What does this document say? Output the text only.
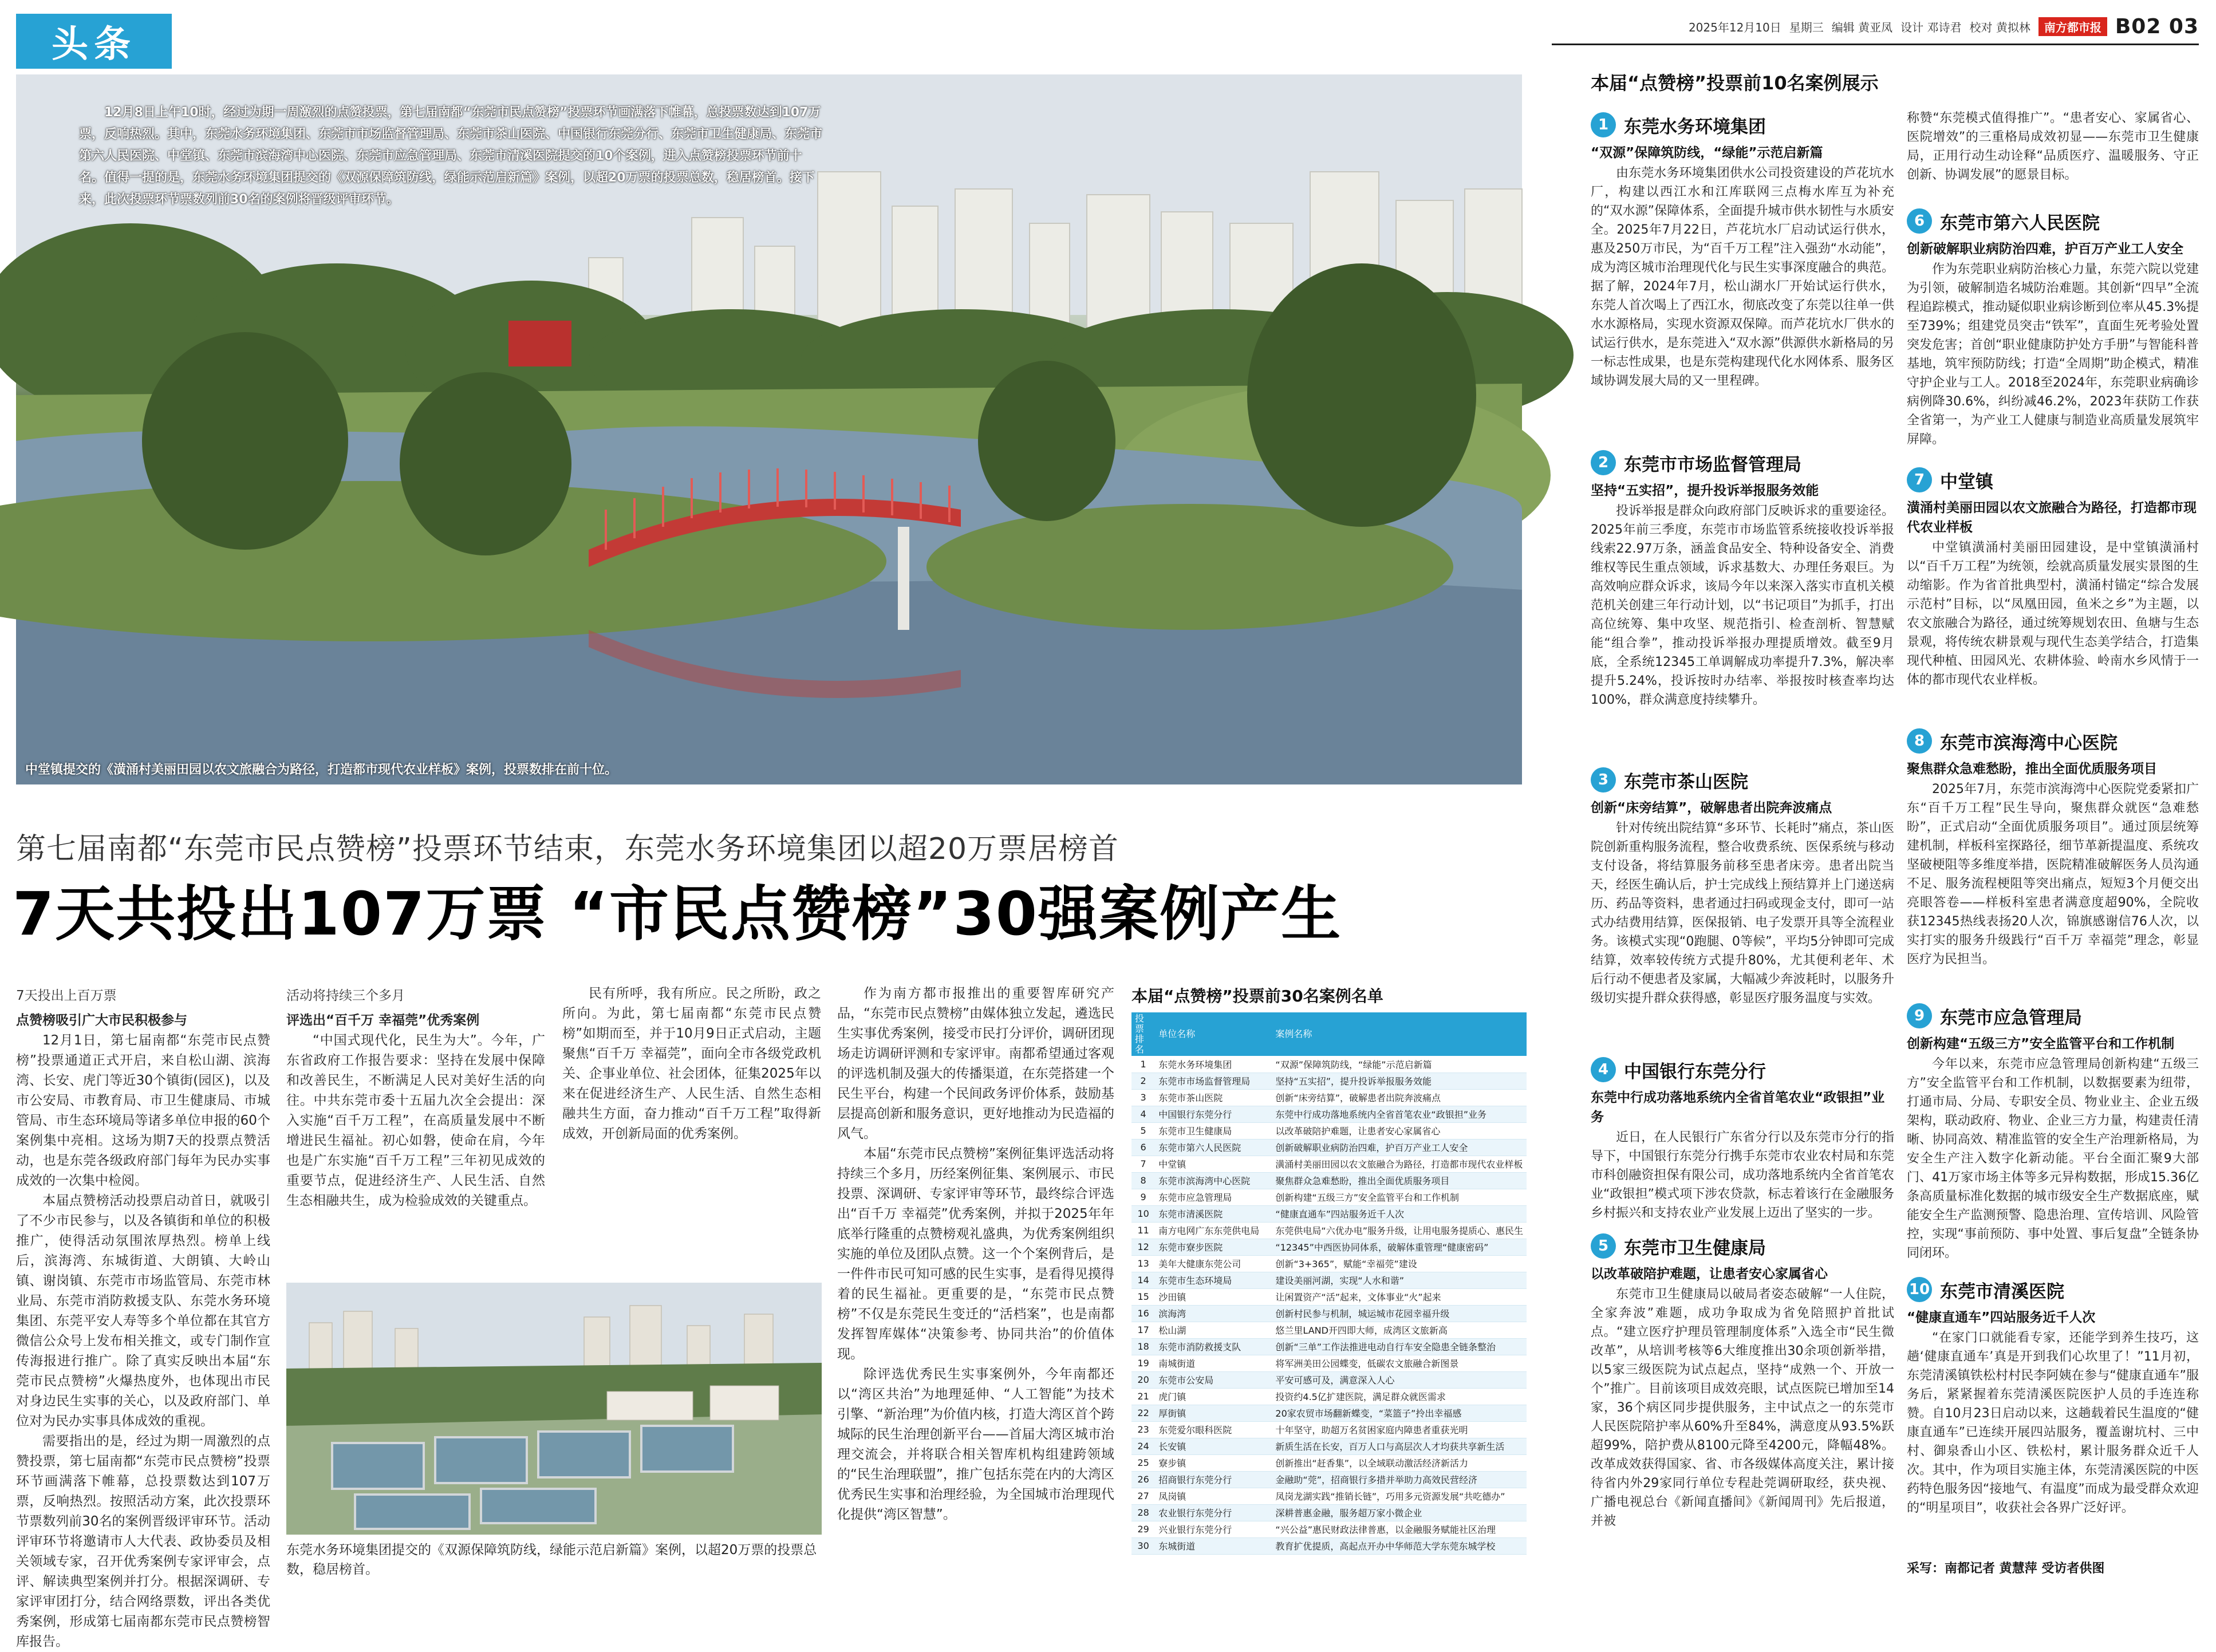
头条	2025年12月10日 星期三 编辑 黄亚凤 设计 邓诗君 校对 黄拟林	南方都市报 B02 03
12月8日上午10时，经过为期一周激烈的点赞投票，第七届南都“东莞市民点赞榜”投票环节画满落下帷幕，总投票数达到107万票，反响热烈。其中，东莞水务环境集团、东莞市市场监督管理局、东莞市茶山医院、中国银行东莞分行、东莞市卫生健康局、东莞市第六人民医院、中堂镇、东莞市滨海湾中心医院、东莞市应急管理局、东莞市清溪医院提交的10个案例，进入点赞榜投票环节前十名。值得一提的是，东莞水务环境集团提交的《双源保障筑防线，绿能示范启新篇》案例，以超20万票的投票总数，稳居榜首。接下来，此次投票环节票数列前30名的案例将晋级评审环节。
中堂镇提交的《潢涌村美丽田园以农文旅融合为路径，打造都市现代农业样板》案例，投票数排在前十位。
第七届南都“东莞市民点赞榜”投票环节结束，东莞水务环境集团以超20万票居榜首
7天共投出107万票 “市民点赞榜”30强案例产生

7天投出上百万票

点赞榜吸引广大市民积极参与

12月1日，第七届南都“东莞市民点赞榜”投票通道正式开启，来自松山湖、滨海湾、长安、虎门等近30个镇街(园区)，以及市公安局、市教育局、市卫生健康局、市城管局、市生态环境局等诸多单位申报的60个案例集中亮相。这场为期7天的投票点赞活动，也是东莞各级政府部门每年为民办实事成效的一次集中检阅。

本届点赞榜活动投票启动首日，就吸引了不少市民参与，以及各镇街和单位的积极推广，使得活动氛围浓厚热烈。榜单上线后，滨海湾、东城街道、大朗镇、大岭山镇、谢岗镇、东莞市市场监管局、东莞市林业局、东莞市消防救援支队、东莞水务环境集团、东莞平安人寿等多个单位都在其官方微信公众号上发布相关推文，或专门制作宣传海报进行推广。除了真实反映出本届“东莞市民点赞榜”火爆热度外，也体现出市民对身边民生实事的关心，以及政府部门、单位对为民办实事具体成效的重视。

需要指出的是，经过为期一周激烈的点赞投票，第七届南都“东莞市民点赞榜”投票环节画满落下帷幕，总投票数达到107万票，反响热烈。按照活动方案，此次投票环节票数列前30名的案例晋级评审环节。活动评审环节将邀请市人大代表、政协委员及相关领域专家，召开优秀案例专家评审会，点评、解读典型案例并打分。根据深调研、专家评审团打分，结合网络票数，评出各类优秀案例，形成第七届南都东莞市民点赞榜智库报告。

活动将持续三个多月

评选出“百千万 幸福莞”优秀案例

“中国式现代化，民生为大”。今年，广东省政府工作报告要求：坚持在发展中保障和改善民生，不断满足人民对美好生活的向往。中共东莞市委十五届九次全会提出：深入实施“百千万工程”，在高质量发展中不断增进民生福祉。初心如磐，使命在肩，今年也是广东实施“百千万工程”三年初见成效的重要节点，促进经济生产、人民生活、自然生态相融共生，成为检验成效的关键重点。

民有所呼，我有所应。民之所盼，政之所向。为此，第七届南都“东莞市民点赞榜”如期而至，并于10月9日正式启动，主题聚焦“百千万 幸福莞”，面向全市各级党政机关、企事业单位、社会团体，征集2025年以来在促进经济生产、人民生活、自然生态相融共生方面，奋力推动“百千万工程”取得新成效，开创新局面的优秀案例。

作为南方都市报推出的重要智库研究产品，“东莞市民点赞榜”由媒体独立发起，遴选民生实事优秀案例，接受市民打分评价，调研团现场走访调研评测和专家评审。南都希望通过客观的评选机制及强大的传播渠道，在东莞搭建一个民生平台，构建一个民间政务评价体系，鼓励基层提高创新和服务意识，更好地推动为民造福的风气。

本届“东莞市民点赞榜”案例征集评选活动将持续三个多月，历经案例征集、案例展示、市民投票、深调研、专家评审等环节，最终综合评选出“百千万 幸福莞”优秀案例，并拟于2025年年底举行隆重的点赞榜观礼盛典，为优秀案例组织实施的单位及团队点赞。这一个个案例背后，是一件件市民可知可感的民生实事，是看得见摸得着的民生福祉。更重要的是，“东莞市民点赞榜”不仅是东莞民生变迁的“活档案”，也是南都发挥智库媒体“决策参考、协同共治”的价值体现。

除评选优秀民生实事案例外，今年南都还以“湾区共治”为地理延伸、“人工智能”为技术引擎、“新治理”为价值内核，打造大湾区首个跨城际的民生治理创新平台——首届大湾区城市治理交流会，并将联合相关智库机构组建跨领域的“民生治理联盟”，推广包括东莞在内的大湾区优秀民生实事和治理经验，为全国城市治理现代化提供“湾区智慧”。

东莞水务环境集团提交的《双源保障筑防线，绿能示范启新篇》案例，以超20万票的投票总数，稳居榜首。
本届“点赞榜”投票前30名案例名单
投票排名	单位名称	案例名称
1	东莞水务环境集团	“双源”保障筑防线，“绿能”示范启新篇
2	东莞市市场监督管理局	坚持“五实招”，提升投诉举报服务效能
3	东莞市茶山医院	创新“床旁结算”，破解患者出院奔波痛点
4	中国银行东莞分行	东莞中行成功落地系统内全省首笔农业“政银担”业务
5	东莞市卫生健康局	以改革破陪护难题，让患者安心家属省心
6	东莞市第六人民医院	创新破解职业病防治四难，护百万产业工人安全
7	中堂镇	潢涌村美丽田园以农文旅融合为路径，打造都市现代农业样板
8	东莞市滨海湾中心医院	聚焦群众急难愁盼，推出全面优质服务项目
9	东莞市应急管理局	创新构建“五级三方”安全监管平台和工作机制
10	东莞市清溪医院	“健康直通车”四站服务近千人次
11	南方电网广东东莞供电局	东莞供电局“六优办电”服务升级，让用电服务提质心、惠民生
12	东莞市寮步医院	“12345”中西医协同体系，破解体重管理“健康密码”
13	美年大健康东莞公司	创新“3+365”，赋能“幸福莞”建设
14	东莞市生态环境局	建设美丽河湖，实现“人水和谐”
15	沙田镇	让闲置资产“活”起来，文体事业“火”起来
16	滨海湾	创新村民参与机制，城运城市花园幸福升级
17	松山湖	悠兰里LAND开四即大师，成湾区文旅新高
18	东莞市消防救援支队	创新“三单”工作法推进电动自行车安全隐患全链条整治
19	南城街道	将军洲美田公园蝶变，低碳农文旅融合新图景
20	东莞市公安局	平安可感可及，满意深入人心
21	虎门镇	投资约4.5亿扩建医院，满足群众就医需求
22	厚街镇	20家农贸市场翻新蝶变，“菜篮子”拎出幸福感
23	东莞爱尔眼科医院	十年坚守，助超万名贫困家庭内障患者重获光明
24	长安镇	新质生活在长安，百万人口与高层次人才均获共享新生活
25	寮步镇	创新推出“赶香集”，以全域联动激活经济新活力
26	招商银行东莞分行	金融助“莞”，招商银行多措并举助力高效民营经济
27	凤岗镇	凤岗龙湖实践“推销长链”，巧用多元资源发展“共吃德办”
28	农业银行东莞分行	深耕普惠金融，服务超万家小微企业
29	兴业银行东莞分行	“兴公益”惠民财政法律普惠，以金融服务赋能社区治理
30	东城街道	教育扩优提质，高起点开办中华师范大学东莞东城学校
本届“点赞榜”投票前10名案例展示
1 东莞水务环境集团
“双源”保障筑防线，“绿能”示范启新篇
由东莞水务环境集团供水公司投资建设的芦花坑水厂，构建以西江水和江库联网三点梅水库互为补充的“双水源”保障体系，全面提升城市供水韧性与水质安全。2025年7月22日，芦花坑水厂启动试运行供水，惠及250万市民，为“百千万工程”注入强劲“水动能”，成为湾区城市治理现代化与民生实事深度融合的典范。据了解，2024年7月，松山湖水厂开始试运行供水，东莞人首次喝上了西江水，彻底改变了东莞以往单一供水水源格局，实现水资源双保障。而芦花坑水厂供水的试运行供水，是东莞进入“双水源”供源供水新格局的另一标志性成果，也是东莞构建现代化水网体系、服务区域协调发展大局的又一里程碑。
2 东莞市市场监督管理局
坚持“五实招”，提升投诉举报服务效能
投诉举报是群众向政府部门反映诉求的重要途径。2025年前三季度，东莞市市场监管系统接收投诉举报线索22.97万条，涵盖食品安全、特种设备安全、消费维权等民生重点领域，诉求基数大、办理任务艰巨。为高效响应群众诉求，该局今年以来深入落实市直机关模范机关创建三年行动计划，以“书记项目”为抓手，打出高位统筹、集中攻坚、规范指引、检查剖析、智慧赋能“组合拳”，推动投诉举报办理提质增效。截至9月底，全系统12345工单调解成功率提升7.3%，解决率提升5.24%，投诉按时办结率、举报按时核查率均达100%，群众满意度持续攀升。
3 东莞市茶山医院
创新“床旁结算”，破解患者出院奔波痛点
针对传统出院结算“多环节、长耗时”痛点，茶山医院创新重构服务流程，整合收费系统、医保系统与移动支付设备，将结算服务前移至患者床旁。患者出院当天，经医生确认后，护士完成线上预结算并上门递送病历、药品等资料，患者通过扫码或现金支付，即可一站式办结费用结算，医保报销、电子发票开具等全流程业务。该模式实现“0跑腿、0等候”，平均5分钟即可完成结算，效率较传统方式提升80%，尤其便利老年、术后行动不便患者及家属，大幅减少奔波耗时，以服务升级切实提升群众获得感，彰显医疗服务温度与实效。
4 中国银行东莞分行
东莞中行成功落地系统内全省首笔农业“政银担”业务
近日，在人民银行广东省分行以及东莞市分行的指导下，中国银行东莞分行携手东莞市农业农村局和东莞市科创融资担保有限公司，成功落地系统内全省首笔农业“政银担”模式项下涉农贷款，标志着该行在金融服务乡村振兴和支持农业产业发展上迈出了坚实的一步。
5 东莞市卫生健康局
以改革破陪护难题，让患者安心家属省心
东莞市卫生健康局以破局者姿态破解“一人住院，全家奔波”难题，成功争取成为省免陪照护首批试点。“建立医疗护理员管理制度体系”入选全市“民生微改革”，从培训考核等6大维度推出30余项创新举措，以5家三级医院为试点起点，坚持“成熟一个、开放一个”推广。目前该项目成效亮眼，试点医院已增加至14家，36个病区同步提供服务，主中试点之一的东莞市人民医院陪护率从60%升至84%，满意度从93.5%跃超99%，陪护费从8100元降至4200元，降幅48%。改革成效获得国家、省、市各级媒体高度关注，累计接待省内外29家同行单位专程赴莞调研取经，获央视、广播电视总台《新闻直播间》《新闻周刊》先后报道，并被
称赞“东莞模式值得推广”。“患者安心、家属省心、医院增效”的三重格局成效初显——东莞市卫生健康局，正用行动生动诠释“品质医疗、温暖服务、守正创新、协调发展”的愿景目标。
6 东莞市第六人民医院
创新破解职业病防治四难，护百万产业工人安全
作为东莞职业病防治核心力量，东莞六院以党建为引领，破解制造名城防治难题。其创新“四早”全流程追踪模式，推动疑似职业病诊断到位率从45.3%提至739%；组建党员突击“铁军”，直面生死考验处置突发危害；首创“职业健康防护处方手册”与智能科普基地，筑牢预防防线；打造“全周期”助企模式，精准守护企业与工人。2018至2024年，东莞职业病确诊病例降30.6%，纠纷减46.2%，2023年获防工作获全省第一，为产业工人健康与制造业高质量发展筑牢屏障。
7 中堂镇
潢涌村美丽田园以农文旅融合为路径，打造都市现代农业样板
中堂镇潢涌村美丽田园建设，是中堂镇潢涌村以“百千万工程”为统领，绘就高质量发展实景图的生动缩影。作为省首批典型村，潢涌村锚定“综合发展示范村”目标，以“凤凰田园，鱼米之乡”为主题，以农文旅融合为路径，通过统筹规划农田、鱼塘与生态景观，将传统农耕景观与现代生态美学结合，打造集现代种植、田园风光、农耕体验、岭南水乡风情于一体的都市现代农业样板。
8 东莞市滨海湾中心医院
聚焦群众急难愁盼，推出全面优质服务项目
2025年7月，东莞市滨海湾中心医院党委紧扣广东“百千万工程”民生导向，聚焦群众就医“急难愁盼”，正式启动“全面优质服务项目”。通过顶层统筹建机制，样板科室探路径，细节革新提温度、系统攻坚破梗阻等多维度举措，医院精准破解医务人员沟通不足、服务流程梗阻等突出痛点，短短3个月便交出亮眼答卷——样板科室患者满意度超90%，全院收获12345热线表扬20人次，锦旗感谢信76人次，以实打实的服务升级践行“百千万 幸福莞”理念，彰显医疗为民担当。
9 东莞市应急管理局
创新构建“五级三方”安全监管平台和工作机制
今年以来，东莞市应急管理局创新构建“五级三方”安全监管平台和工作机制，以数据要素为纽带，打通市局、分局、专职安全员、物业业主、企业五级架构，联动政府、物业、企业三方力量，构建责任清晰、协同高效、精准监管的安全生产治理新格局，为安全生产注入数字化新动能。平台全面汇聚9大部门、41万家市场主体等多元异构数据，形成15.36亿条高质量标准化数据的城市级安全生产数据底座，赋能安全生产监测预警、隐患治理、宣传培训、风险管控，实现“事前预防、事中处置、事后复盘”全链条协同闭环。
10 东莞市清溪医院
“健康直通车”四站服务近千人次
“在家门口就能看专家，还能学到养生技巧，这趟‘健康直通车’真是开到我们心坎里了！”11月初，东莞清溪镇铁松村村民李阿姨在参与“健康直通车”服务后，紧紧握着东莞清溪医院医护人员的手连连称赞。自10月23日启动以来，这趟载着民生温度的“健康直通车”已连续开展四站服务，覆盖谢坑村、三中村、御泉香山小区、铁松村，累计服务群众近千人次。其中，作为项目实施主体，东莞清溪医院的中医药特色服务因“接地气、有温度”而成为最受群众欢迎的“明星项目”，收获社会各界广泛好评。
采写：南都记者 黄慧萍 受访者供图
